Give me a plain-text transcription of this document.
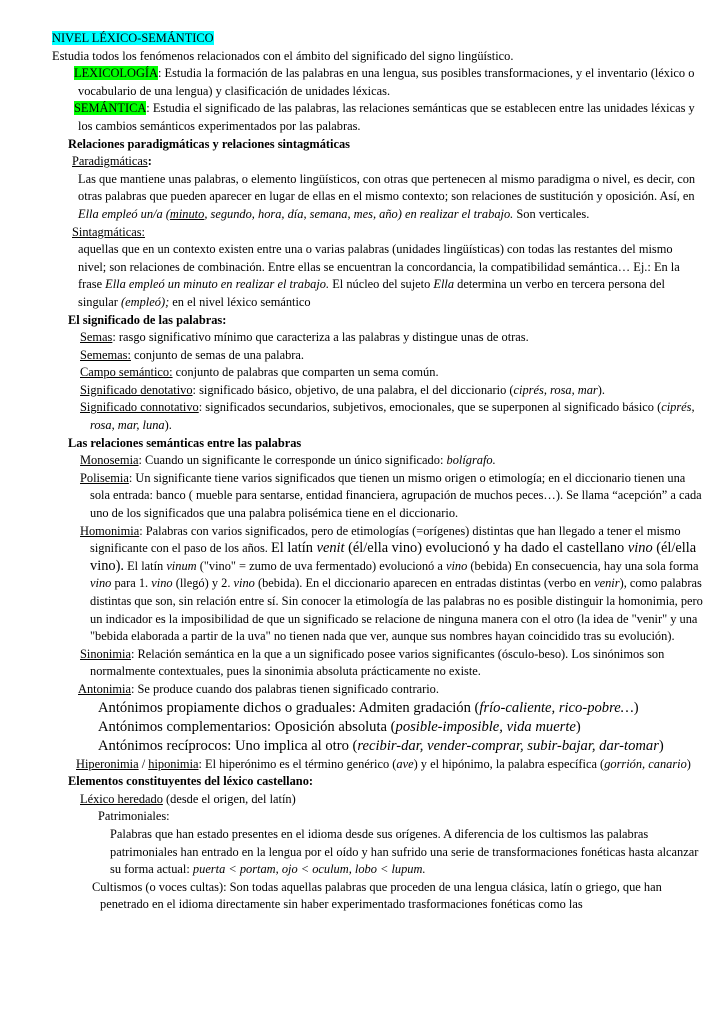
NIVEL LÉXICO-SEMÁNTICO

Estudia todos los fenómenos relacionados con el ámbito del significado del signo lingüístico.

LEXICOLOGÍA: Estudia la formación de las palabras en una lengua, sus posibles transformaciones, y el inventario (léxico o vocabulario de una lengua) y clasificación de unidades léxicas.

SEMÁNTICA: Estudia el significado de las palabras, las relaciones semánticas que se establecen entre las unidades léxicas y los cambios semánticos experimentados por las palabras.

Relaciones paradigmáticas y relaciones sintagmáticas

Paradigmáticas:

Las que mantiene unas palabras, o elemento lingüísticos, con otras que pertenecen al mismo paradigma o nivel, es decir, con otras palabras que pueden aparecer en lugar de ellas en el mismo contexto; son relaciones de sustitución y oposición. Así, en Ella empleó un/a (minuto, segundo, hora, día, semana, mes, año) en realizar el trabajo. Son verticales.

Sintagmáticas:

aquellas que en un contexto existen entre una o varias palabras (unidades lingüísticas) con todas las restantes del mismo nivel; son relaciones de combinación. Entre ellas se encuentran la concordancia, la compatibilidad semántica… Ej.: En la frase Ella empleó un minuto en realizar el trabajo. El núcleo del sujeto Ella determina un verbo en tercera persona del singular (empleó); en el nivel léxico semántico

El significado de las palabras:

Semas: rasgo significativo mínimo que caracteriza a las palabras y distingue unas de otras.

Sememas: conjunto de semas de una palabra.

Campo semántico: conjunto de palabras que comparten un sema común.

Significado denotativo: significado básico, objetivo, de una palabra, el del diccionario (ciprés, rosa, mar).

Significado connotativo: significados secundarios, subjetivos, emocionales, que se superponen al significado básico (ciprés, rosa, mar, luna).

Las relaciones semánticas entre las palabras

Monosemia: Cuando un significante le corresponde un único significado: bolígrafo.

Polisemia: Un significante tiene varios significados que tienen un mismo origen o etimología; en el diccionario tienen una sola entrada: banco ( mueble para sentarse, entidad financiera, agrupación de muchos peces…). Se llama “acepción” a cada uno de los significados que una palabra polisémica tiene en el diccionario.

Homonimia: Palabras con varios significados, pero de etimologías (=orígenes) distintas que han llegado a tener el mismo significante con el paso de los años. El latín venit (él/ella vino) evolucionó y ha dado el castellano vino (él/ella vino). El latín vinum ("vino" = zumo de uva fermentado) evolucionó a vino (bebida) En consecuencia, hay una sola forma vino para 1. vino (llegó) y 2. vino (bebida). En el diccionario aparecen en entradas distintas (verbo en venir), como palabras distintas que son, sin relación entre sí. Sin conocer la etimología de las palabras no es posible distinguir la homonimia, pero un indicador es la imposibilidad de que un significado se relacione de ninguna manera con el otro (la idea de "venir" y una "bebida elaborada a partir de la uva" no tienen nada que ver, aunque sus nombres hayan coincidido tras su evolución).

Sinonimia: Relación semántica en la que a un significado posee varios significantes (ósculo-beso). Los sinónimos son normalmente contextuales, pues la sinonimia absoluta prácticamente no existe.

Antonimia: Se produce cuando dos palabras tienen significado contrario.

Antónimos propiamente dichos o graduales: Admiten gradación (frío-caliente, rico-pobre…)

Antónimos complementarios: Oposición absoluta (posible-imposible, vida muerte)

Antónimos recíprocos: Uno implica al otro (recibir-dar, vender-comprar, subir-bajar, dar-tomar)

Hiperonimia / hiponimia: El hiperónimo es el término genérico (ave) y el hipónimo, la palabra específica (gorrión, canario)

Elementos constituyentes del léxico castellano:

Léxico heredado (desde el origen, del latín)

Patrimoniales:

Palabras que han estado presentes en el idioma desde sus orígenes. A diferencia de los cultismos las palabras patrimoniales han entrado en la lengua por el oído y han sufrido una serie de transformaciones fonéticas hasta alcanzar su forma actual: puerta < portam, ojo < oculum, lobo < lupum.

Cultismos (o voces cultas): Son todas aquellas palabras que proceden de una lengua clásica, latín o griego, que han penetrado en el idioma directamente sin haber experimentado trasformaciones fonéticas como las
